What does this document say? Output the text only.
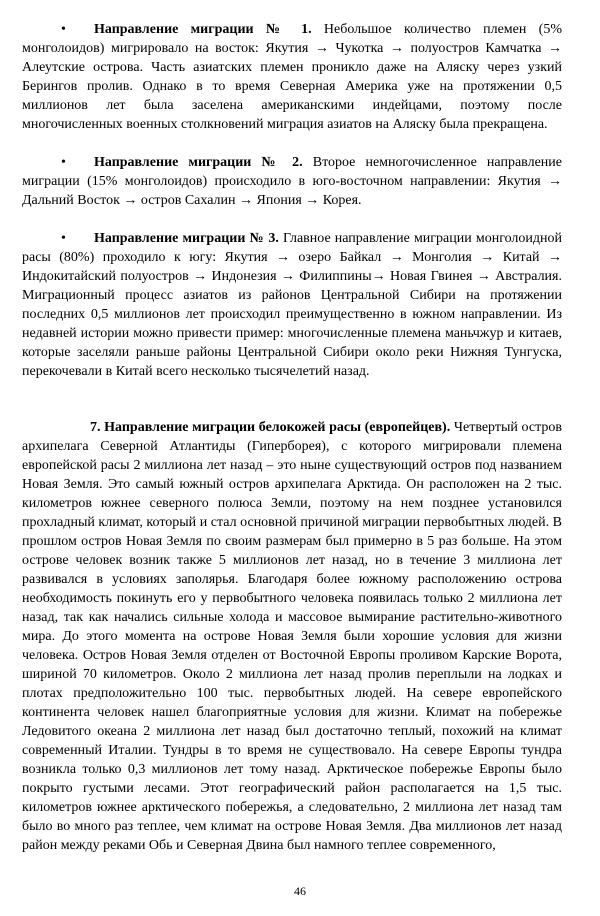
• Направление миграции № 1. Небольшое количество племен (5% монголоидов) мигрировало на восток: Якутия → Чукотка → полуостров Камчатка → Алеутские острова. Часть азиатских племен проникло даже на Аляску через узкий Берингов пролив. Однако в то время Северная Америка уже на протяжении 0,5 миллионов лет была заселена американскими индейцами, поэтому после многочисленных военных столкновений миграция азиатов на Аляску была прекращена.

• Направление миграции № 2. Второе немногочисленное направление миграции (15% монголоидов) происходило в юго-восточном направлении: Якутия → Дальний Восток → остров Сахалин → Япония → Корея.

• Направление миграции № 3. Главное направление миграции монголоидной расы (80%) проходило к югу: Якутия → озеро Байкал → Монголия → Китай → Индокитайский полуостров → Индонезия → Филиппины→ Новая Гвинея → Австралия. Миграционный процесс азиатов из районов Центральной Сибири на протяжении последних 0,5 миллионов лет происходил преимущественно в южном направлении. Из недавней истории можно привести пример: многочисленные племена маньчжур и китаев, которые заселяли раньше районы Центральной Сибири около реки Нижняя Тунгуска, перекочевали в Китай всего несколько тысячелетий назад.

7. Направление миграции белокожей расы (европейцев). Четвертый остров архипелага Северной Атлантиды (Гиперборея), с которого мигрировали племена европейской расы 2 миллиона лет назад – это ныне существующий остров под названием Новая Земля. Это самый южный остров архипелага Арктида. Он расположен на 2 тыс. километров южнее северного полюса Земли, поэтому на нем позднее установился прохладный климат, который и стал основной причиной миграции первобытных людей. В прошлом остров Новая Земля по своим размерам был примерно в 5 раз больше. На этом острове человек возник также 5 миллионов лет назад, но в течение 3 миллиона лет развивался в условиях заполярья. Благодаря более южному расположению острова необходимость покинуть его у первобытного человека появилась только 2 миллиона лет назад, так как начались сильные холода и массовое вымирание растительно-животного мира. До этого момента на острове Новая Земля были хорошие условия для жизни человека. Остров Новая Земля отделен от Восточной Европы проливом Карские Ворота, шириной 70 километров. Около 2 миллиона лет назад пролив переплыли на лодках и плотах предположительно 100 тыс. первобытных людей. На севере европейского континента человек нашел благоприятные условия для жизни. Климат на побережье Ледовитого океана 2 миллиона лет назад был достаточно теплый, похожий на климат современный Италии. Тундры в то время не существовало. На севере Европы тундра возникла только 0,3 миллионов лет тому назад. Арктическое побережье Европы было покрыто густыми лесами. Этот географический район располагается на 1,5 тыс. километров южнее арктического побережья, а следовательно, 2 миллиона лет назад там было во много раз теплее, чем климат на острове Новая Земля. Два миллионов лет назад район между реками Обь и Северная Двина был намного теплее современного,

46
